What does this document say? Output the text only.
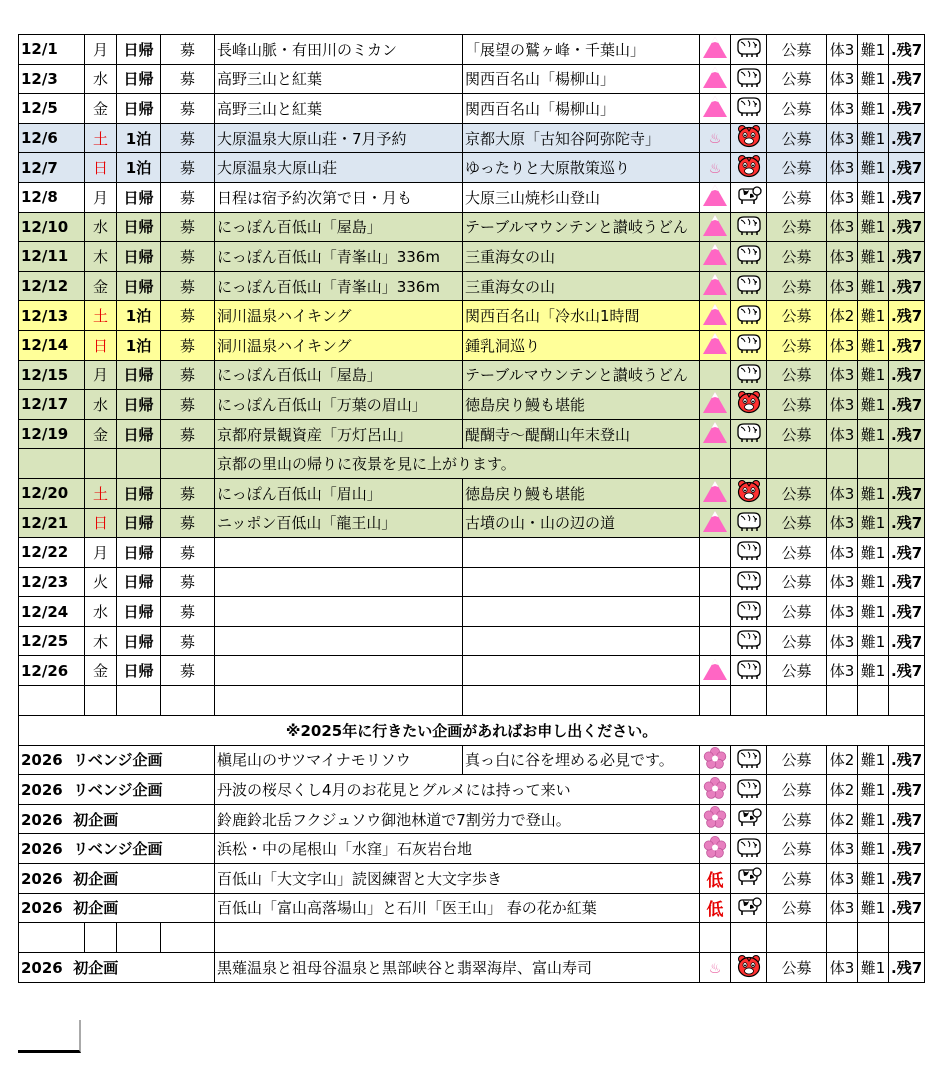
12/1	月	日帰	募	長峰山脈・有田川のミカン	「展望の鷲ヶ峰・千葉山」			公募	体3	難1	.残7
12/3	水	日帰	募	高野三山と紅葉	関西百名山「楊柳山」			公募	体3	難1	.残7
12/5	金	日帰	募	高野三山と紅葉	関西百名山「楊柳山」			公募	体3	難1	.残7
12/6	土	1泊	募	大原温泉大原山荘・7月予約	京都大原「古知谷阿弥陀寺」	♨		公募	体3	難1	.残7
12/7	日	1泊	募	大原温泉大原山荘	ゆったりと大原散策巡り	♨		公募	体3	難1	.残7
12/8	月	日帰	募	日程は宿予約次第で日・月も	大原三山焼杉山登山			公募	体3	難1	.残7
12/10	水	日帰	募	にっぽん百低山「屋島」	テーブルマウンテンと讃岐うどん			公募	体3	難1	.残7
12/11	木	日帰	募	にっぽん百低山「青峯山」336m	三重海女の山			公募	体3	難1	.残7
12/12	金	日帰	募	にっぽん百低山「青峯山」336m	三重海女の山			公募	体3	難1	.残7
12/13	土	1泊	募	洞川温泉ハイキング	関西百名山「冷水山1時間			公募	体2	難1	.残7
12/14	日	1泊	募	洞川温泉ハイキング	鍾乳洞巡り			公募	体3	難1	.残7
12/15	月	日帰	募	にっぽん百低山「屋島」	テーブルマウンテンと讃岐うどん			公募	体3	難1	.残7
12/17	水	日帰	募	にっぽん百低山「万葉の眉山」	徳島戻り鰻も堪能			公募	体3	難1	.残7
12/19	金	日帰	募	京都府景観資産「万灯呂山」	醍醐寺～醍醐山年末登山			公募	体3	難1	.残7
				京都の里山の帰りに夜景を見に上がります。							
12/20	土	日帰	募	にっぽん百低山「眉山」	徳島戻り鰻も堪能			公募	体3	難1	.残7
12/21	日	日帰	募	ニッポン百低山「龍王山」	古墳の山・山の辺の道			公募	体3	難1	.残7
12/22	月	日帰	募					公募	体3	難1	.残7
12/23	火	日帰	募					公募	体3	難1	.残7
12/24	水	日帰	募					公募	体3	難1	.残7
12/25	木	日帰	募					公募	体3	難1	.残7
12/26	金	日帰	募					公募	体3	難1	.残7

※2025年に行きたい企画があればお申し出ください。											
2026 リベンジ企画				槇尾山のサツマイナモリソウ	真っ白に谷を埋める必見です。			公募	体2	難1	.残7
2026 リベンジ企画				丹波の桜尽くし4月のお花見とグルメには持って来い				公募	体2	難1	.残7
2026 初企画				鈴鹿鈴北岳フクジュソウ御池林道で7割労力で登山。				公募	体2	難1	.残7
2026 リベンジ企画				浜松・中の尾根山「水窪」石灰岩台地				公募	体3	難1	.残7
2026 初企画				百低山「大文字山」読図練習と大文字歩き		低		公募	体3	難1	.残7
2026 初企画				百低山「富山高落場山」と石川「医王山」 春の花か紅葉		低		公募	体3	難1	.残7

2026 初企画				黒薙温泉と祖母谷温泉と黒部峡谷と翡翠海岸、富山寿司		♨		公募	体3	難1	.残7
